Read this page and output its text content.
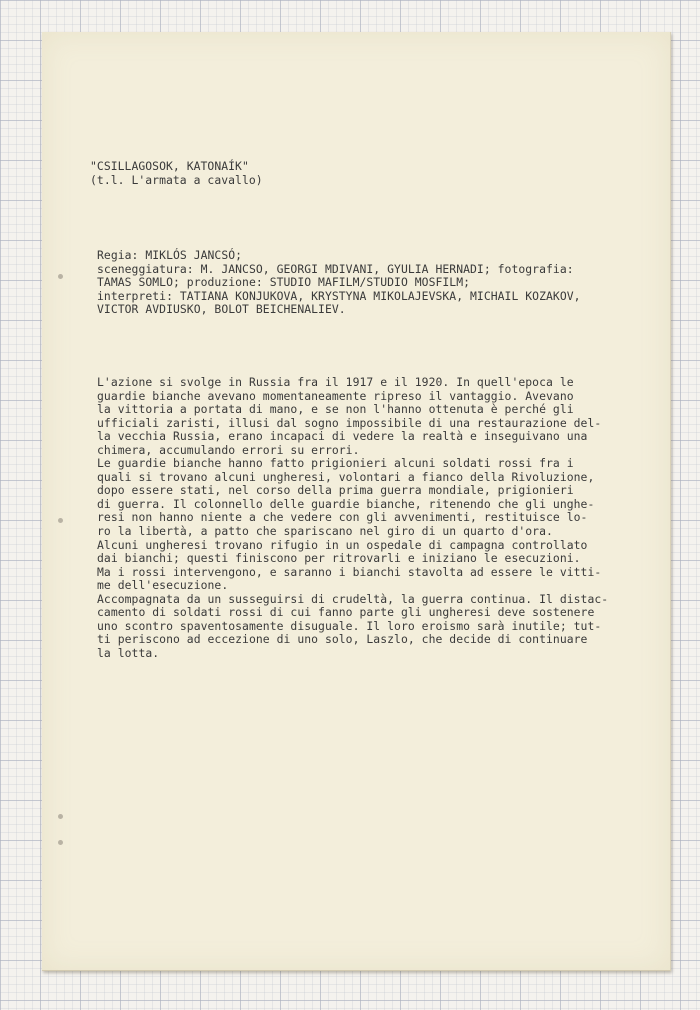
"CSILLAGOSOK, KATONAÍK"
(t.l. L'armata a cavallo)
Regia: MIKLÓS JANCSÓ;
sceneggiatura: M. JANCSO, GEORGI MDIVANI, GYULIA HERNADI; fotografia:
TAMAS SOMLO; produzione: STUDIO MAFILM/STUDIO MOSFILM;
interpreti: TATIANA KONJUKOVA, KRYSTYNA MIKOLAJEVSKA, MICHAIL KOZAKOV,
VICTOR AVDIUSKO, BOLOT BEICHENALIEV.
L'azione si svolge in Russia fra il 1917 e il 1920. In quell'epoca le
guardie bianche avevano momentaneamente ripreso il vantaggio. Avevano
la vittoria a portata di mano, e se non l'hanno ottenuta è perché gli
ufficiali zaristi, illusi dal sogno impossibile di una restaurazione del-
la vecchia Russia, erano incapaci di vedere la realtà e inseguivano una
chimera, accumulando errori su errori.
Le guardie bianche hanno fatto prigionieri alcuni soldati rossi fra i
quali si trovano alcuni ungheresi, volontari a fianco della Rivoluzione,
dopo essere stati, nel corso della prima guerra mondiale, prigionieri
di guerra. Il colonnello delle guardie bianche, ritenendo che gli unghe-
resi non hanno niente a che vedere con gli avvenimenti, restituisce lo-
ro la libertà, a patto che spariscano nel giro di un quarto d'ora.
Alcuni ungheresi trovano rifugio in un ospedale di campagna controllato
dai bianchi; questi finiscono per ritrovarli e iniziano le esecuzioni.
Ma i rossi intervengono, e saranno i bianchi stavolta ad essere le vitti-
me dell'esecuzione.
Accompagnata da un susseguirsi di crudeltà, la guerra continua. Il distac-
camento di soldati rossi di cui fanno parte gli ungheresi deve sostenere
uno scontro spaventosamente disuguale. Il loro eroismo sarà inutile; tut-
ti periscono ad eccezione di uno solo, Laszlo, che decide di continuare
la lotta.
